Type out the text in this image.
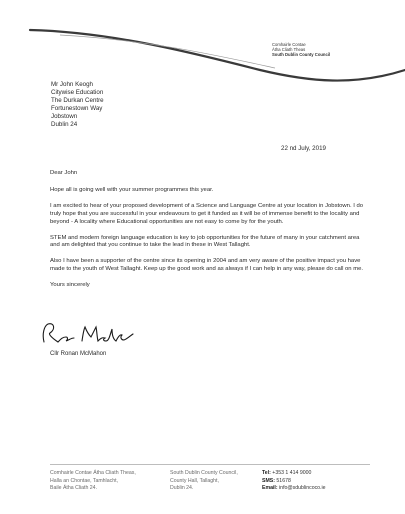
Comhairle Contae
Átha Cliath Theas
South Dublin County Council
Mr John Keogh
Citywise Education
The Durkan Centre
Fortunestown Way
Jobstown
Dublin 24
22 nd July, 2019

Dear John

Hope all is going well with your summer programmes this year.

I am excited to hear of your proposed development of a Science and Language Centre at your location in Jobstown. I do truly hope that you are successful in your endeavours to get it funded as it will be of immense benefit to the locality and beyond - A locality where Educational opportunities are not easy to come by for the youth.

STEM and modern foreign language education is key to job opportunities for the future of many in your catchment area and am delighted that you continue to take the lead in these in West Tallaght.

Also I have been a supporter of the centre since its opening in 2004 and am very aware of the positive impact you have made to the youth of West Tallaght. Keep up the good work and as always if I can help in any way, please do call on me.

Yours sincerely

Cllr Ronan McMahon
Comhairle Contae Átha Cliath Theas,
Halla an Chontae, Tamhlacht,
Baile Átha Cliath 24.
South Dublin County Council,
County Hall, Tallaght,
Dublin 24.
Tel: +353 1 414 9000
SMS: 51678
Email: info@sdublincoco.ie
